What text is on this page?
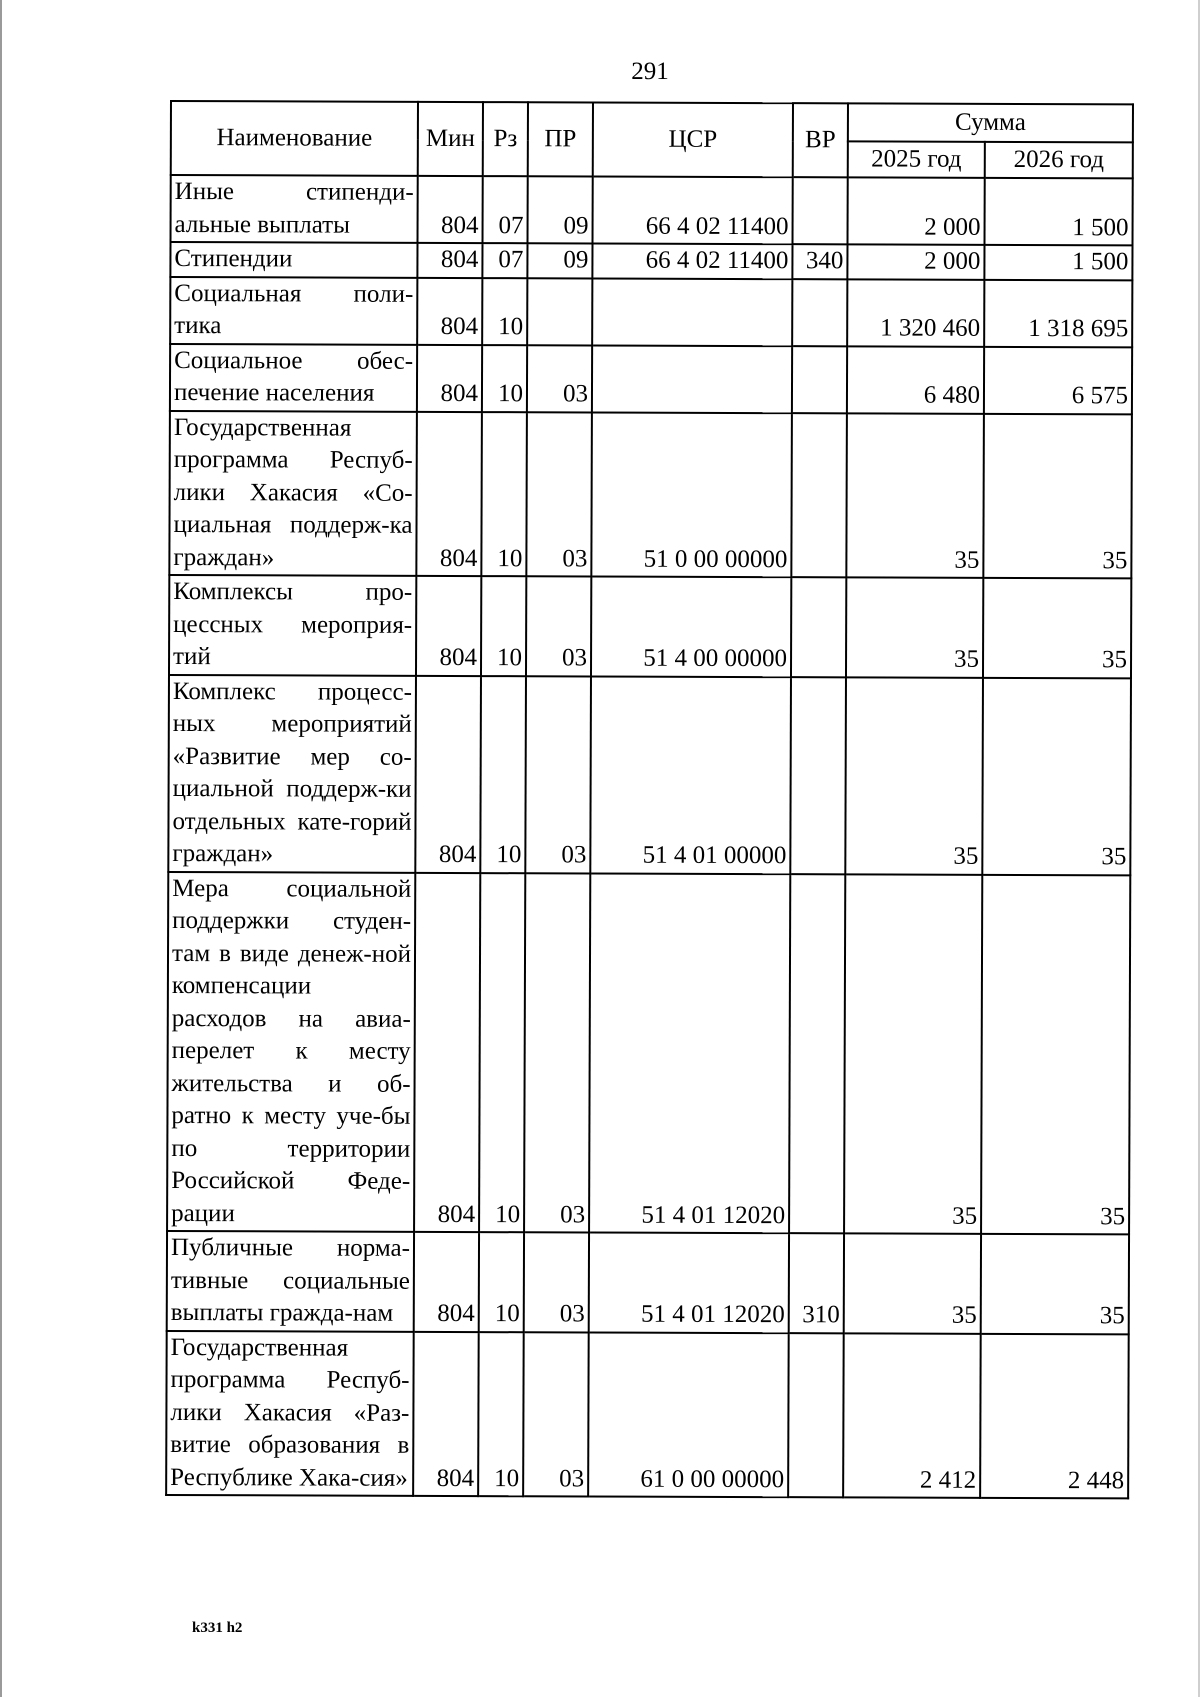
291
Наименование	Мин	Рз	ПР	ЦСР	ВР	Сумма	
						2025 год	2026 год
Иные стипенди-альные выплаты	804	07	09	66 4 02 11400		2 000	1 500
Стипендии	804	07	09	66 4 02 11400	340	2 000	1 500
Социальная поли-тика	804	10				1 320 460	1 318 695
Социальное обес-печение населения	804	10	03			6 480	6 575
Государственная программа Респуб-лики Хакасия «Со-циальная поддерж-ка граждан»	804	10	03	51 0 00 00000		35	35
Комплексы про-цессных мероприя-тий	804	10	03	51 4 00 00000		35	35
Комплекс процесс-ных мероприятий «Развитие мер со-циальной поддерж-ки отдельных кате-горий граждан»	804	10	03	51 4 01 00000		35	35
Мера социальной поддержки студен-там в виде денеж-ной компенсации расходов на авиа-перелет к месту жительства и об-ратно к месту уче-бы по территории Российской Феде-рации	804	10	03	51 4 01 12020		35	35
Публичные норма-тивные социальные выплаты гражда-нам	804	10	03	51 4 01 12020	310	35	35
Государственная программа Респуб-лики Хакасия «Раз-витие образования в Республике Хака-сия»	804	10	03	61 0 00 00000		2 412	2 448
k331 h2
